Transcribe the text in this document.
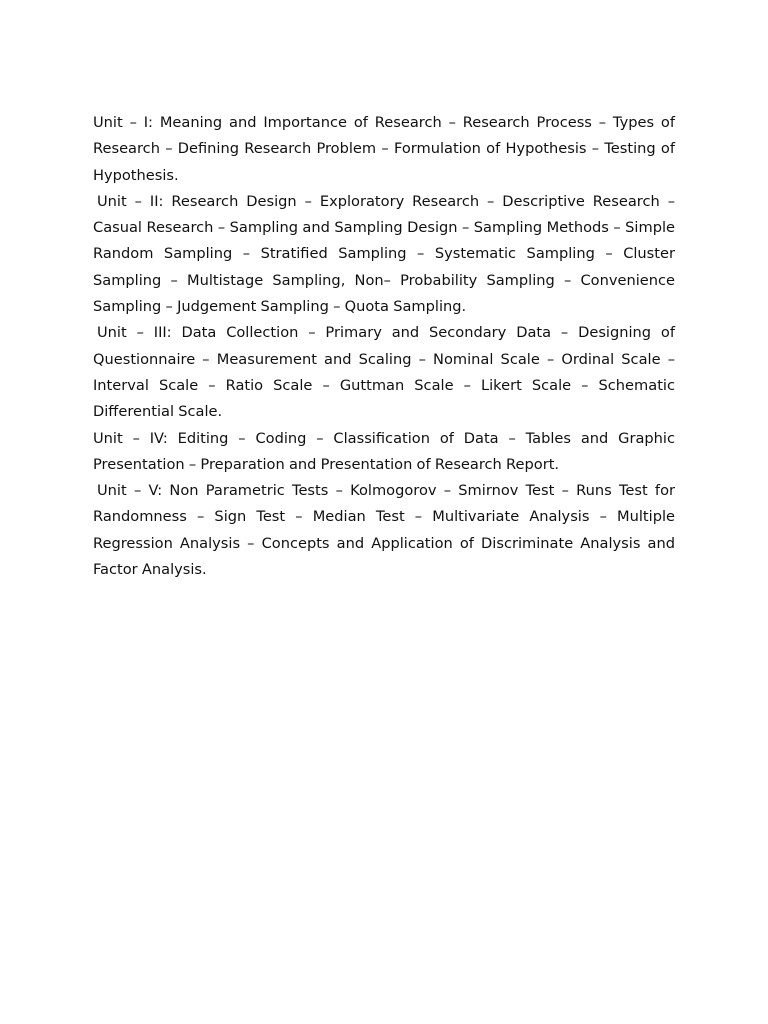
Unit – I: Meaning and Importance of Research – Research Process – Types of Research – Defining Research Problem – Formulation of Hypothesis – Testing of Hypothesis.

Unit – II: Research Design – Exploratory Research – Descriptive Research – Casual Research – Sampling and Sampling Design – Sampling Methods – Simple Random Sampling – Stratified Sampling – Systematic Sampling – Cluster Sampling – Multistage Sampling, Non– Probability Sampling – Convenience Sampling – Judgement Sampling – Quota Sampling.

Unit – III: Data Collection – Primary and Secondary Data – Designing of Questionnaire – Measurement and Scaling – Nominal Scale – Ordinal Scale – Interval Scale – Ratio Scale – Guttman Scale – Likert Scale – Schematic Differential Scale.

Unit – IV: Editing – Coding – Classification of Data – Tables and Graphic Presentation – Preparation and Presentation of Research Report.

Unit – V: Non Parametric Tests – Kolmogorov – Smirnov Test – Runs Test for Randomness – Sign Test – Median Test – Multivariate Analysis – Multiple Regression Analysis – Concepts and Application of Discriminate Analysis and Factor Analysis.
